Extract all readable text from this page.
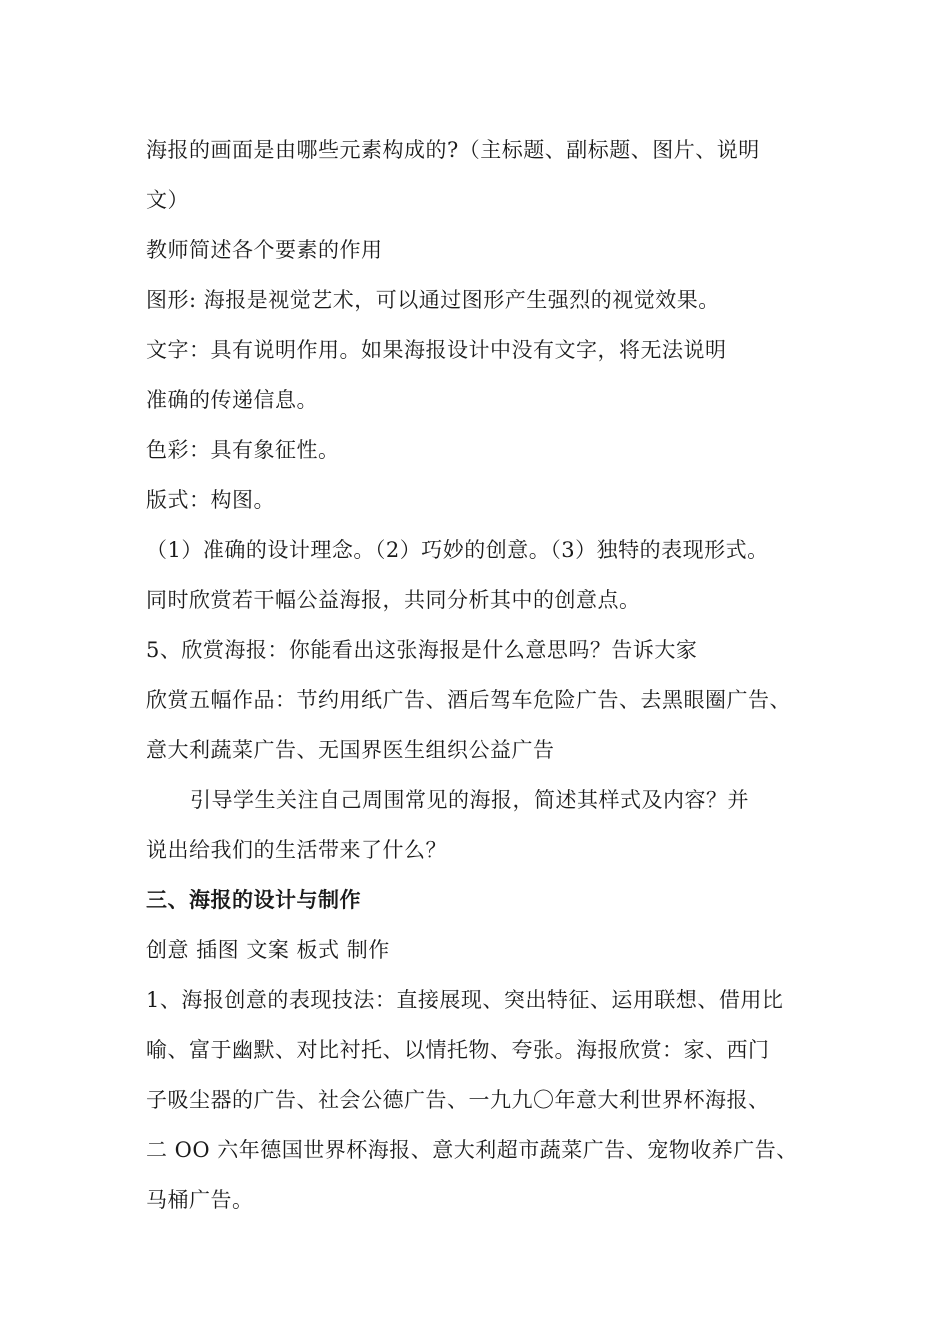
海报的画面是由哪些元素构成的?（主标题、副标题、图片、说明
文）
教师简述各个要素的作用
图形: 海报是视觉艺术，可以通过图形产生强烈的视觉效果。
文字：具有说明作用。如果海报设计中没有文字，将无法说明
准确的传递信息。
色彩：具有象征性。
版式：构图。
（1）准确的设计理念。（2）巧妙的创意。（3）独特的表现形式。
同时欣赏若干幅公益海报，共同分析其中的创意点。
5、欣赏海报：你能看出这张海报是什么意思吗？告诉大家
欣赏五幅作品：节约用纸广告、酒后驾车危险广告、去黑眼圈广告、
意大利蔬菜广告、无国界医生组织公益广告
引导学生关注自己周围常见的海报，简述其样式及内容？并
说出给我们的生活带来了什么？
三、海报的设计与制作
创意 插图 文案 板式 制作
1、海报创意的表现技法：直接展现、突出特征、运用联想、借用比
喻、富于幽默、对比衬托、以情托物、夸张。海报欣赏：家、西门
子吸尘器的广告、社会公德广告、一九九〇年意大利世界杯海报、
二 OO 六年德国世界杯海报、意大利超市蔬菜广告、宠物收养广告、
马桶广告。
